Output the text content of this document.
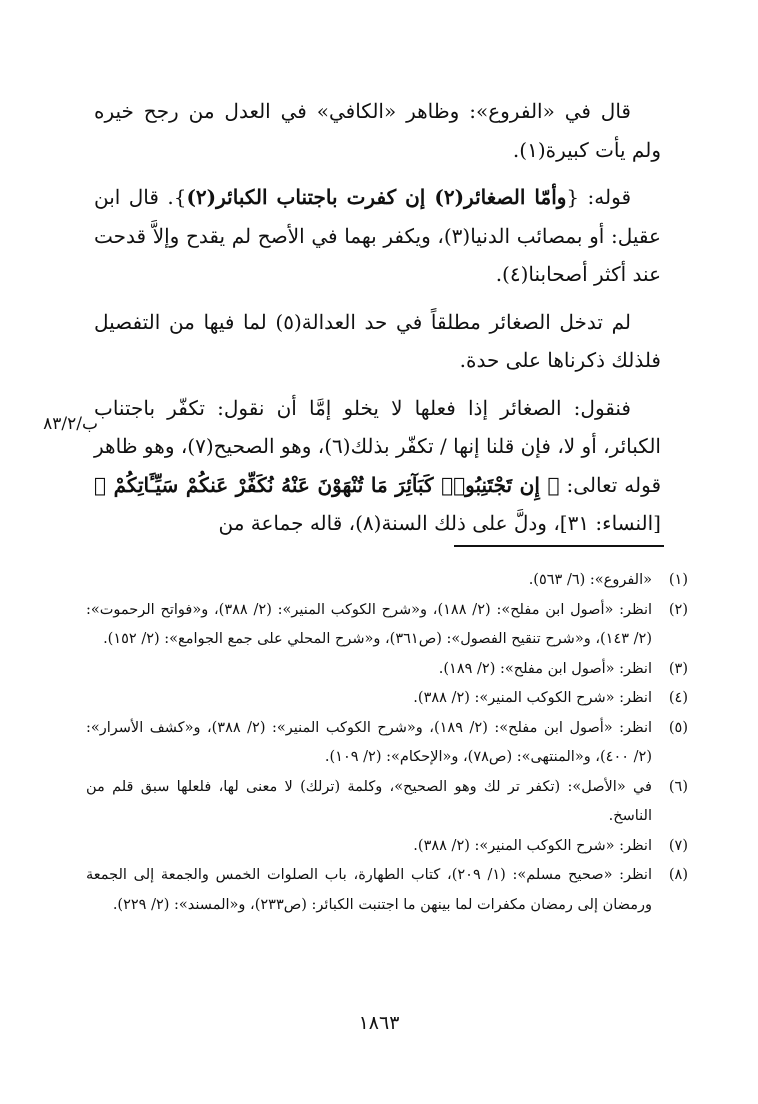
قال في «الفروع»: وظاهر «الكافي» في العدل من رجح خيره ولم يأت كبيرة(١).

قوله: {وأمّا الصغائر(٢) إن كفرت باجتناب الكبائر(٢)}. قال ابن عقيل: أو بمصائب الدنيا(٣)، ويكفر بهما في الأصح لم يقدح وإلاَّ قدحت عند أكثر أصحابنا(٤).

لم تدخل الصغائر مطلقاً في حد العدالة(٥) لما فيها من التفصيل فلذلك ذكرناها على حدة.

فنقول: الصغائر إذا فعلها لا يخلو إمَّا أن نقول: تكفّر باجتناب الكبائر، أو لا، فإن قلنا إنها / تكفّر بذلك(٦)، وهو الصحيح(٧)، وهو ظاهر قوله تعالى: ﴿ إِن تَجْتَنِبُوا۟ كَبَآئِرَ مَا تُنْهَوْنَ عَنْهُ نُكَفِّرْ عَنكُمْ سَيِّـَٔاتِكُمْ ﴾ [النساء: ٣١]، ودلَّ على ذلك السنة(٨)، قاله جماعة من

ب/٨٣/٢
(١)
«الفروع»: (٦/ ٥٦٣).
(٢)
انظر: «أصول ابن مفلح»: (٢/ ١٨٨)، و«شرح الكوكب المنير»: (٢/ ٣٨٨)، و«فواتح الرحموت»: (٢/ ١٤٣)، و«شرح تنقيح الفصول»: (ص٣٦١)، و«شرح المحلي على جمع الجوامع»: (٢/ ١٥٢).
(٣)
انظر: «أصول ابن مفلح»: (٢/ ١٨٩).
(٤)
انظر: «شرح الكوكب المنير»: (٢/ ٣٨٨).
(٥)
انظر: «أصول ابن مفلح»: (٢/ ١٨٩)، و«شرح الكوكب المنير»: (٢/ ٣٨٨)، و«كشف الأسرار»: (٢/ ٤٠٠)، و«المنتهى»: (ص٧٨)، و«الإحكام»: (٢/ ١٠٩).
(٦)
في «الأصل»: (تكفر تر لك وهو الصحيح»، وكلمة (ترلك) لا معنى لها، فلعلها سبق قلم من الناسخ.
(٧)
انظر: «شرح الكوكب المنير»: (٢/ ٣٨٨).
(٨)
انظر: «صحيح مسلم»: (١/ ٢٠٩)، كتاب الطهارة، باب الصلوات الخمس والجمعة إلى الجمعة ورمضان إلى رمضان مكفرات لما بينهن ما اجتنبت الكبائر: (ص٢٣٣)، و«المسند»: (٢/ ٢٢٩).
١٨٦٣
